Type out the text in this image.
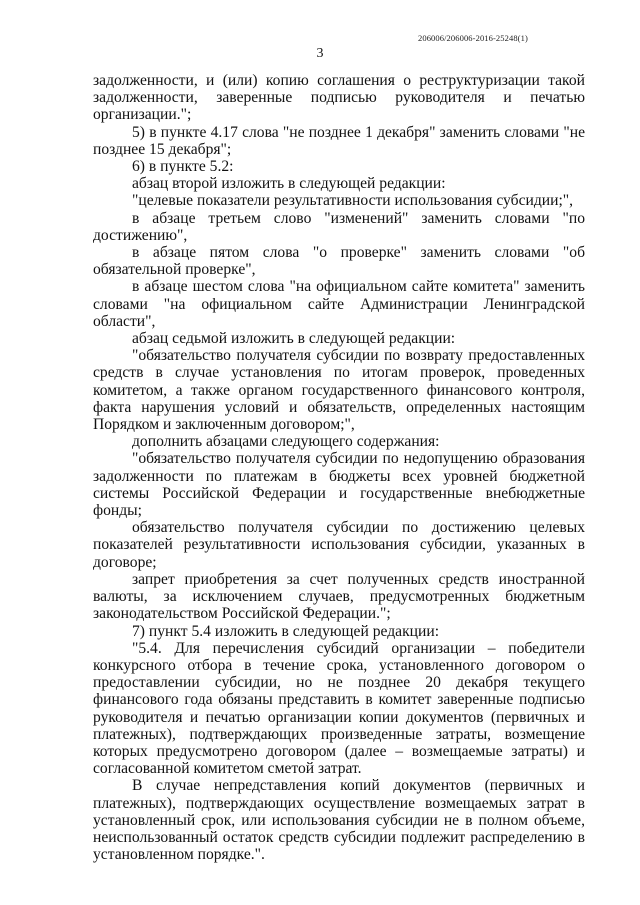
206006/206006-2016-25248(1)
3

задолженности, и (или) копию соглашения о реструктуризации такой задолженности, заверенные подписью руководителя и печатью организации.";

5) в пункте 4.17 слова "не позднее 1 декабря" заменить словами "не позднее 15 декабря";

6) в пункте 5.2:

абзац второй изложить в следующей редакции:

"целевые показатели результативности использования субсидии;",

в абзаце третьем слово "изменений" заменить словами "по достижению",

в абзаце пятом слова "о проверке" заменить словами "об обязательной проверке",

в абзаце шестом слова "на официальном сайте комитета" заменить словами "на официальном сайте Администрации Ленинградской области",

абзац седьмой изложить в следующей редакции:

"обязательство получателя субсидии по возврату предоставленных средств в случае установления по итогам проверок, проведенных комитетом, а также органом государственного финансового контроля, факта нарушения условий и обязательств, определенных настоящим Порядком и заключенным договором;",

дополнить абзацами следующего содержания:

"обязательство получателя субсидии по недопущению образования задолженности по платежам в бюджеты всех уровней бюджетной системы Российской Федерации и государственные внебюджетные фонды;

обязательство получателя субсидии по достижению целевых показателей результативности использования субсидии, указанных в договоре;

запрет приобретения за счет полученных средств иностранной валюты, за исключением случаев, предусмотренных бюджетным законодательством Российской Федерации.";

7) пункт 5.4 изложить в следующей редакции:

"5.4. Для перечисления субсидий организации – победители конкурсного отбора в течение срока, установленного договором о предоставлении субсидии, но не позднее 20 декабря текущего финансового года обязаны представить в комитет заверенные подписью руководителя и печатью организации копии документов (первичных и платежных), подтверждающих произведенные затраты, возмещение которых предусмотрено договором (далее – возмещаемые затраты) и согласованной комитетом сметой затрат.

В случае непредставления копий документов (первичных и платежных), подтверждающих осуществление возмещаемых затрат в установленный срок, или использования субсидии не в полном объеме, неиспользованный остаток средств субсидии подлежит распределению в установленном порядке.".
